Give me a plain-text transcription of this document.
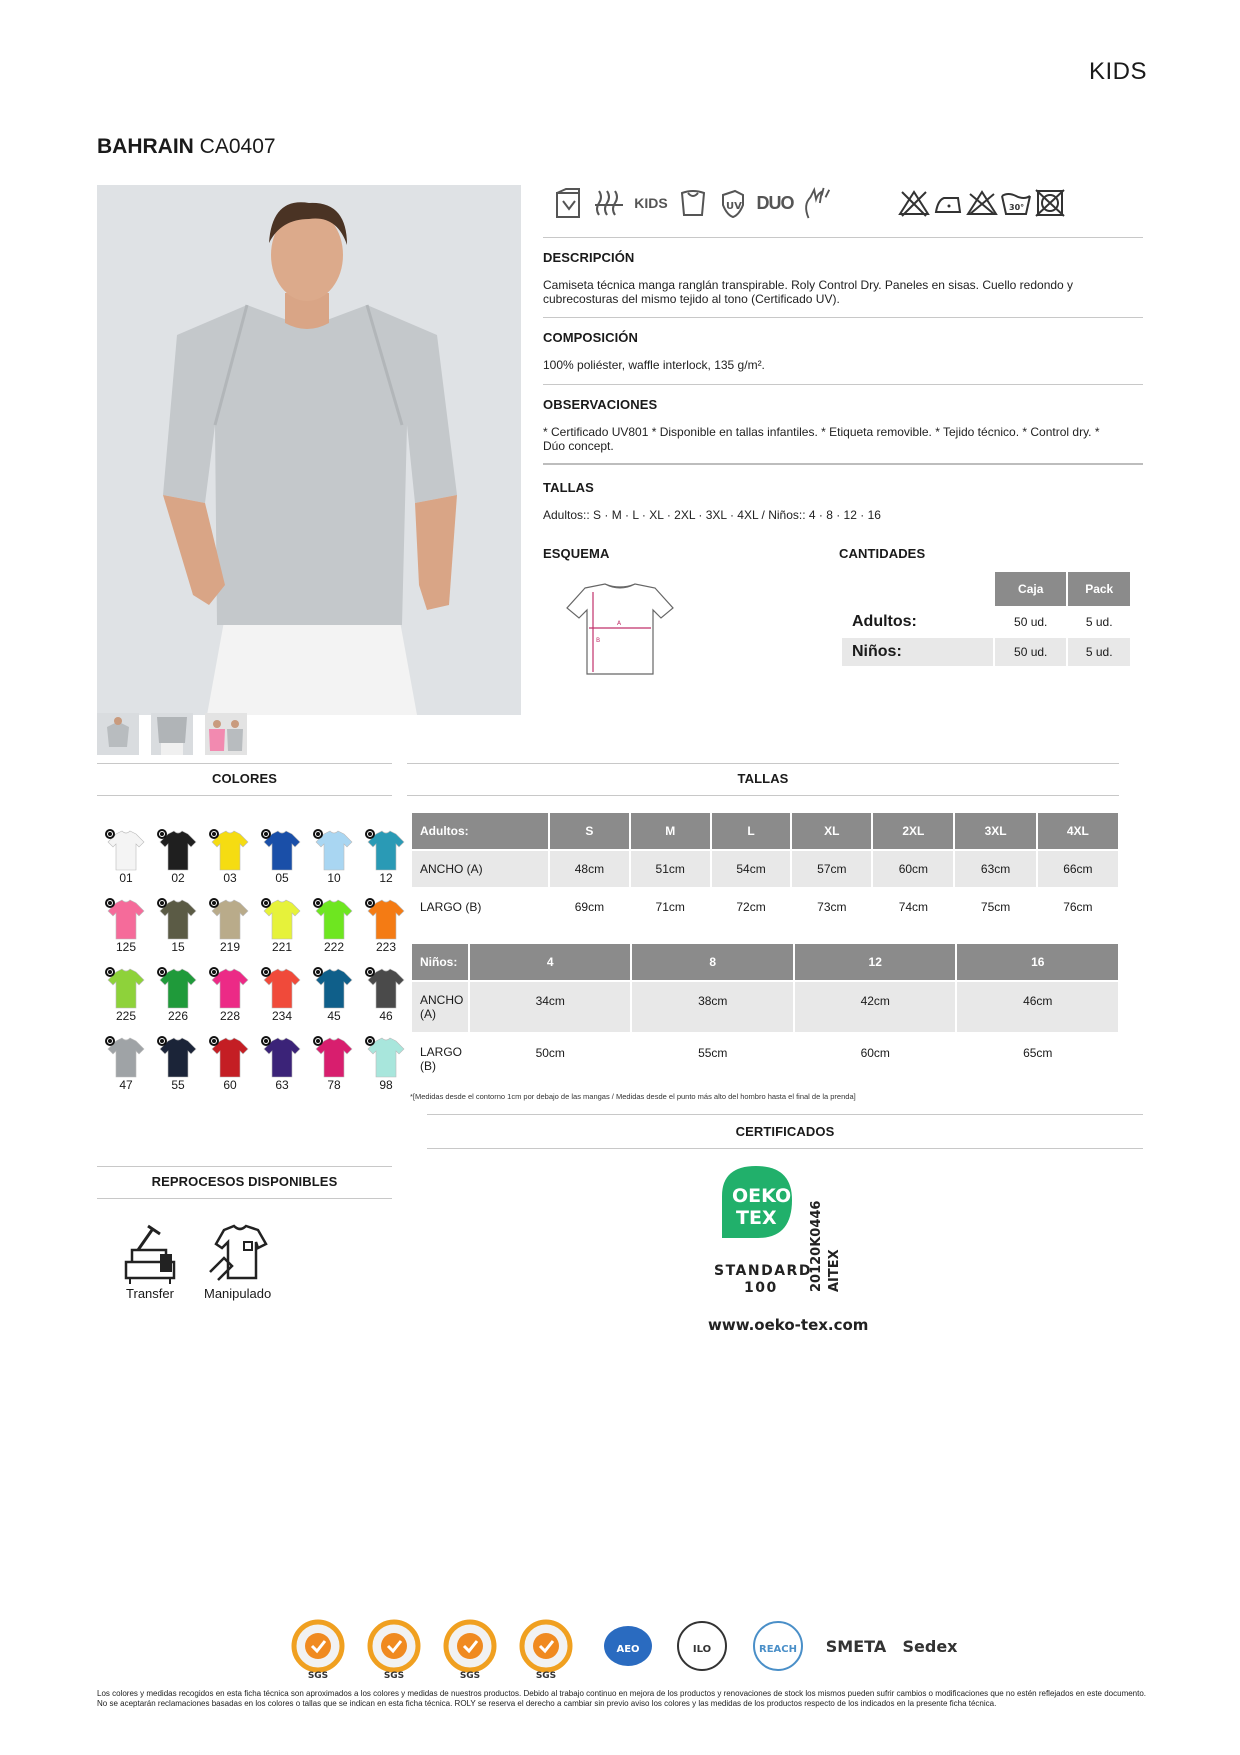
KIDS
BAHRAIN CA0407
KIDS	UV DUO	30°
DESCRIPCIÓN
Camiseta técnica manga ranglán transpirable. Roly Control Dry. Paneles en sisas. Cuello redondo y cubrecosturas del mismo tejido al tono (Certificado UV).
COMPOSICIÓN
100% poliéster, waffle interlock, 135 g/m².
OBSERVACIONES
* Certificado UV801 * Disponible en tallas infantiles. * Etiqueta removible. * Tejido técnico. * Control dry. * Dúo concept.
TALLAS
Adultos:: S · M · L · XL · 2XL · 3XL · 4XL / Niños:: 4 · 8 · 12 · 16
ESQUEMA
A
B
CANTIDADES
	Caja	Pack
Adultos:	50 ud.	5 ud.
Niños:	50 ud.	5 ud.
COLORES
01	02	03	05	10	12
125	15	219	221	222	223
225	226	228	234	45	46
47	55	60	63	78	98
TALLAS
Adultos:	S	M	L	XL	2XL	3XL	4XL
ANCHO (A)	48cm	51cm	54cm	57cm	60cm	63cm	66cm
LARGO (B)	69cm	71cm	72cm	73cm	74cm	75cm	76cm
Niños:	4	8	12	16
ANCHO (A)	34cm	38cm	42cm	46cm
LARGO (B)	50cm	55cm	60cm	65cm
*[Medidas desde el contorno 1cm por debajo de las mangas / Medidas desde el punto más alto del hombro hasta el final de la prenda]
CERTIFICADOS
OEKO
TEX
STANDARD
100 20120K0446 AITEX
www.oeko-tex.com
REPROCESOS DISPONIBLES
Transfer Manipulado
SGS	SGS	SGS	SGS
AEO	ILO	REACH SMETA Sedex
Los colores y medidas recogidos en esta ficha técnica son aproximados a los colores y medidas de nuestros productos. Debido al trabajo continuo en mejora de los productos y renovaciones de stock los mismos pueden sufrir cambios o modificaciones que no estén reflejados en este documento. No se aceptarán reclamaciones basadas en los colores o tallas que se indican en esta ficha técnica. ROLY se reserva el derecho a cambiar sin previo aviso los colores y las medidas de los productos respecto de los indicados en la presente ficha técnica.
